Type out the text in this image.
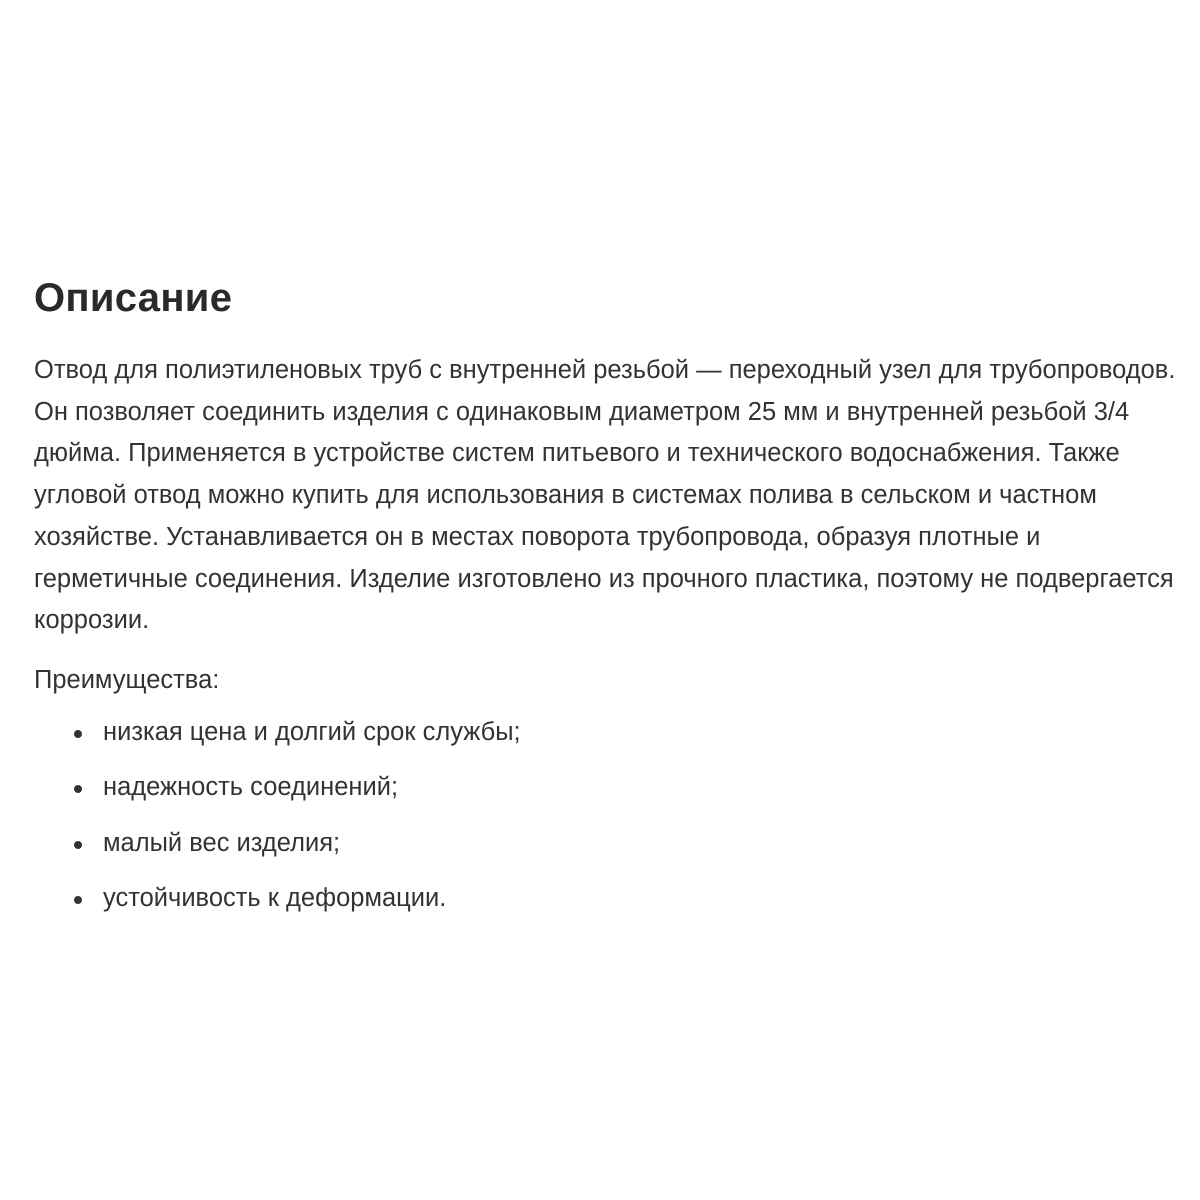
Описание

Отвод для полиэтиленовых труб с внутренней резьбой — переходный узел для трубопроводов. Он позволяет соединить изделия с одинаковым диаметром 25 мм и внутренней резьбой 3/4 дюйма. Применяется в устройстве систем питьевого и технического водоснабжения. Также угловой отвод можно купить для использования в системах полива в сельском и частном хозяйстве. Устанавливается он в местах поворота трубопровода, образуя плотные и герметичные соединения. Изделие изготовлено из прочного пластика, поэтому не подвергается коррозии.

Преимущества:

низкая цена и долгий срок службы;
надежность соединений;
малый вес изделия;
устойчивость к деформации.
